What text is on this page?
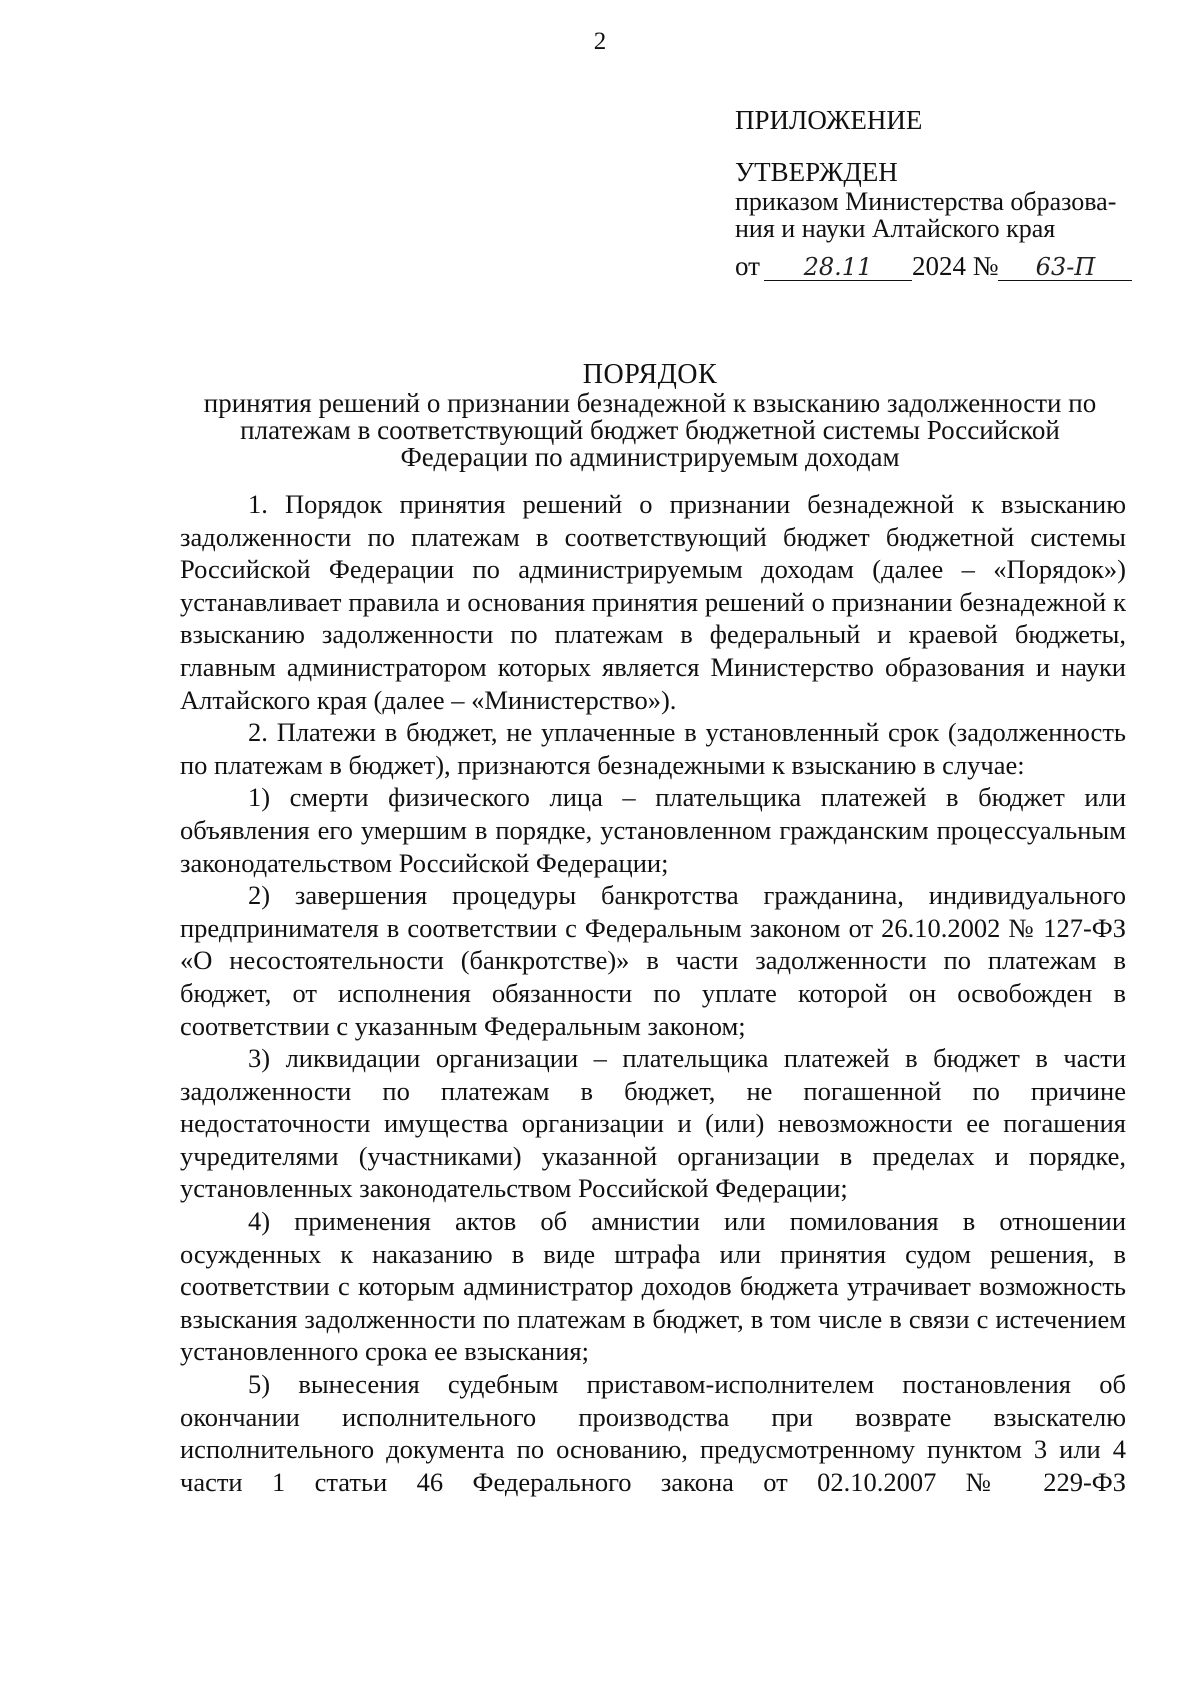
2
ПРИЛОЖЕНИЕ
УТВЕРЖДЕН
приказом Министерства образова-
ния и науки Алтайского края
от 28.11 2024 № 63-П
ПОРЯДОК
принятия решений о признании безнадежной к взысканию задолженности по
платежам в соответствующий бюджет бюджетной системы Российской
Федерации по администрируемым доходам

1. Порядок принятия решений о признании безнадежной к взысканию задолженности по платежам в соответствующий бюджет бюджетной системы Российской Федерации по администрируемым доходам (далее – «Порядок») устанавливает правила и основания принятия решений о признании безнадежной к взысканию задолженности по платежам в федеральный и краевой бюджеты, главным администратором которых является Министерство образования и науки Алтайского края (далее – «Министерство»).

2. Платежи в бюджет, не уплаченные в установленный срок (задолженность по платежам в бюджет), признаются безнадежными к взысканию в случае:

1) смерти физического лица – плательщика платежей в бюджет или объявления его умершим в порядке, установленном гражданским процессуальным законодательством Российской Федерации;

2) завершения процедуры банкротства гражданина, индивидуального предпринимателя в соответствии с Федеральным законом от 26.10.2002 № 127-ФЗ «О несостоятельности (банкротстве)» в части задолженности по платежам в бюджет, от исполнения обязанности по уплате которой он освобожден в соответствии с указанным Федеральным законом;

3) ликвидации организации – плательщика платежей в бюджет в части задолженности по платежам в бюджет, не погашенной по причине недостаточности имущества организации и (или) невозможности ее погашения учредителями (участниками) указанной организации в пределах и порядке, установленных законодательством Российской Федерации;

4) применения актов об амнистии или помилования в отношении осужденных к наказанию в виде штрафа или принятия судом решения, в соответствии с которым администратор доходов бюджета утрачивает возможность взыскания задолженности по платежам в бюджет, в том числе в связи с истечением установленного срока ее взыскания;

5) вынесения судебным приставом-исполнителем постановления об окончании исполнительного производства при возврате взыскателю исполнительного документа по основанию, предусмотренному пунктом 3 или 4 части 1 статьи 46 Федерального закона от 02.10.2007 № 229-ФЗ
